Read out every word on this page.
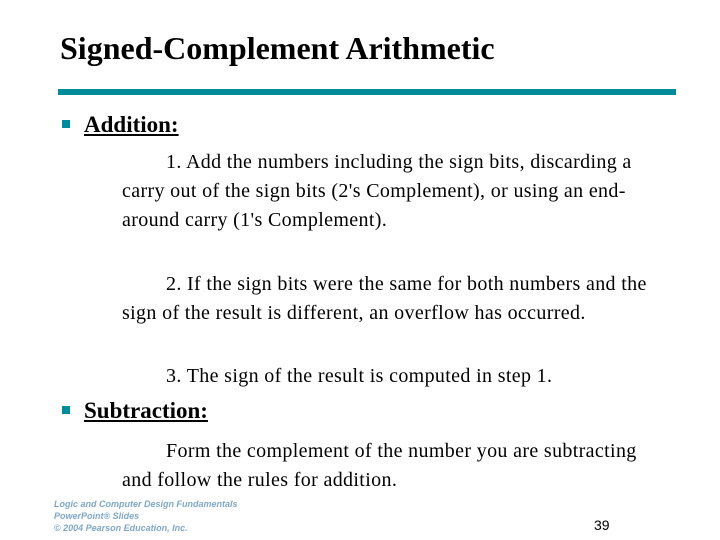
Signed-Complement Arithmetic
Addition:

1. Add the numbers including the sign bits, discarding a carry out of the sign bits (2's Complement), or using an end-around carry (1's Complement).

2. If the sign bits were the same for both numbers and the sign of the result is different, an overflow has occurred.

3. The sign of the result is computed in step 1.

Subtraction:

Form the complement of the number you are subtracting and follow the rules for addition.

Logic and Computer Design Fundamentals
PowerPoint® Slides
© 2004 Pearson Education, Inc.	39
